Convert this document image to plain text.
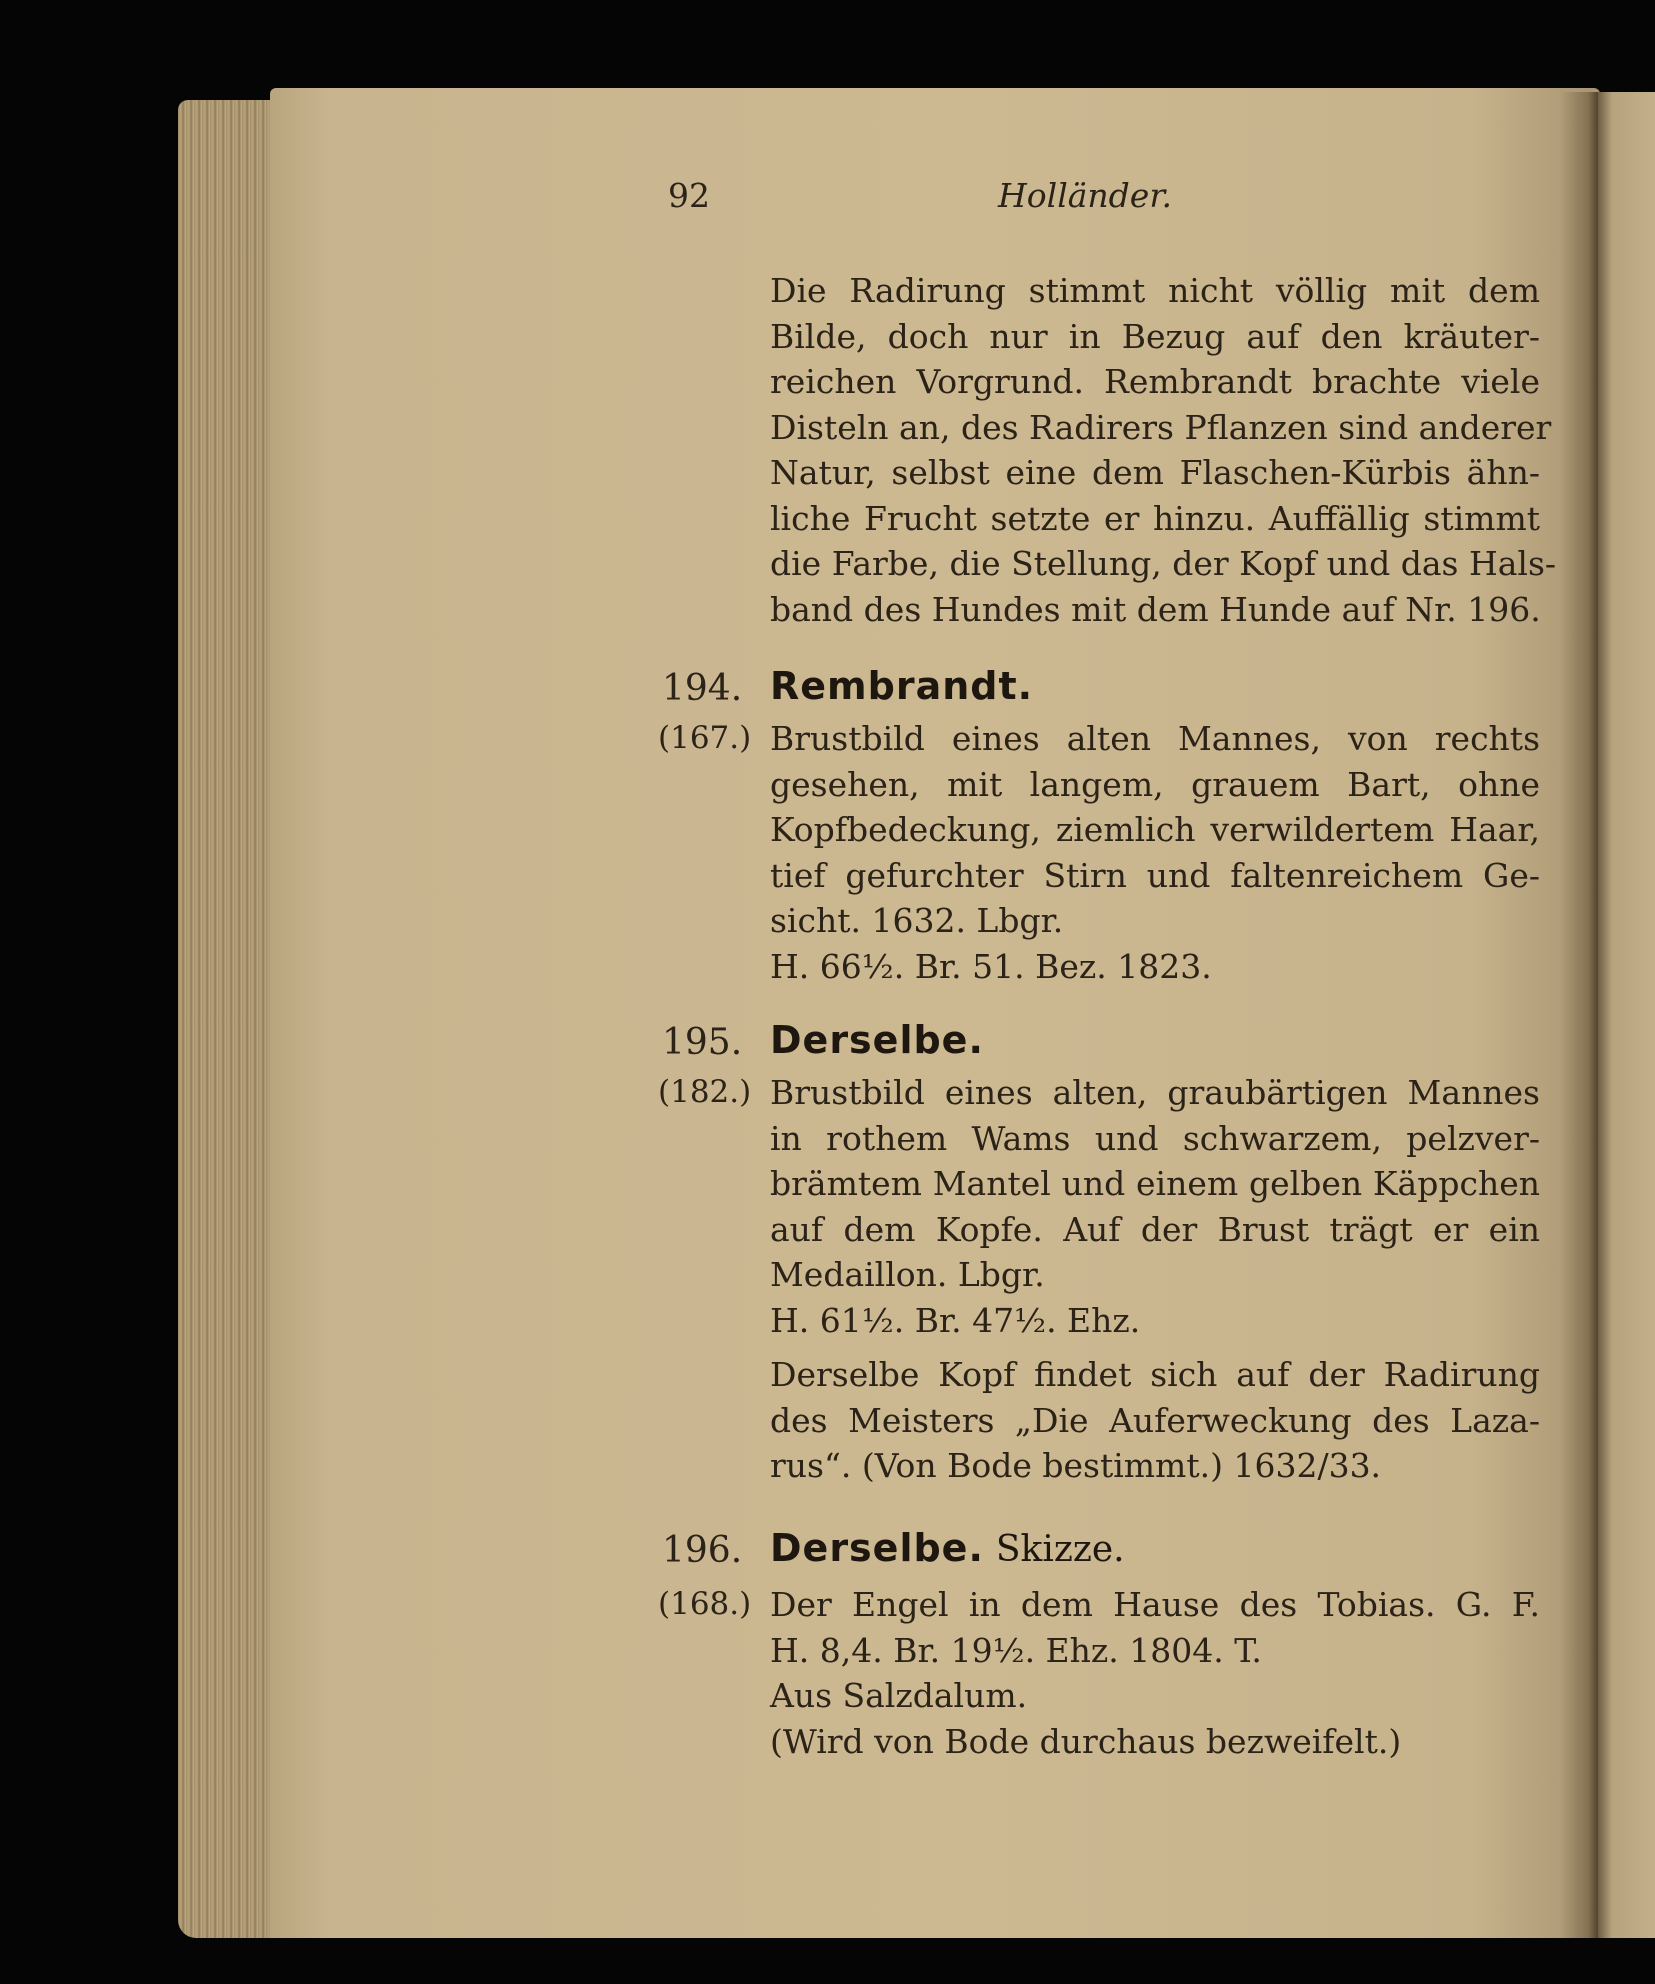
92	Holländer.
Die Radirung stimmt nicht völlig mit dem
Bilde, doch nur in Bezug auf den kräuter-
reichen Vorgrund. Rembrandt brachte viele
Disteln an, des Radirers Pflanzen sind anderer
Natur, selbst eine dem Flaschen-Kürbis ähn-
liche Frucht setzte er hinzu. Auffällig stimmt
die Farbe, die Stellung, der Kopf und das Hals-
band des Hundes mit dem Hunde auf Nr. 196.
194. Rembrandt.
(167.) Brustbild eines alten Mannes, von rechts
gesehen, mit langem, grauem Bart, ohne
Kopfbedeckung, ziemlich verwildertem Haar,
tief gefurchter Stirn und faltenreichem Ge-
sicht. 1632. Lbgr.
H. 66½. Br. 51. Bez. 1823.
195. Derselbe.
(182.) Brustbild eines alten, graubärtigen Mannes
in rothem Wams und schwarzem, pelzver-
brämtem Mantel und einem gelben Käppchen
auf dem Kopfe. Auf der Brust trägt er ein
Medaillon. Lbgr.
H. 61½. Br. 47½. Ehz.
Derselbe Kopf findet sich auf der Radirung
des Meisters „Die Auferweckung des Laza-
rus“. (Von Bode bestimmt.) 1632/33.
196. Derselbe. Skizze.
(168.) Der Engel in dem Hause des Tobias. G. F.
H. 8,4. Br. 19½. Ehz. 1804. T.
Aus Salzdalum.
(Wird von Bode durchaus bezweifelt.)
